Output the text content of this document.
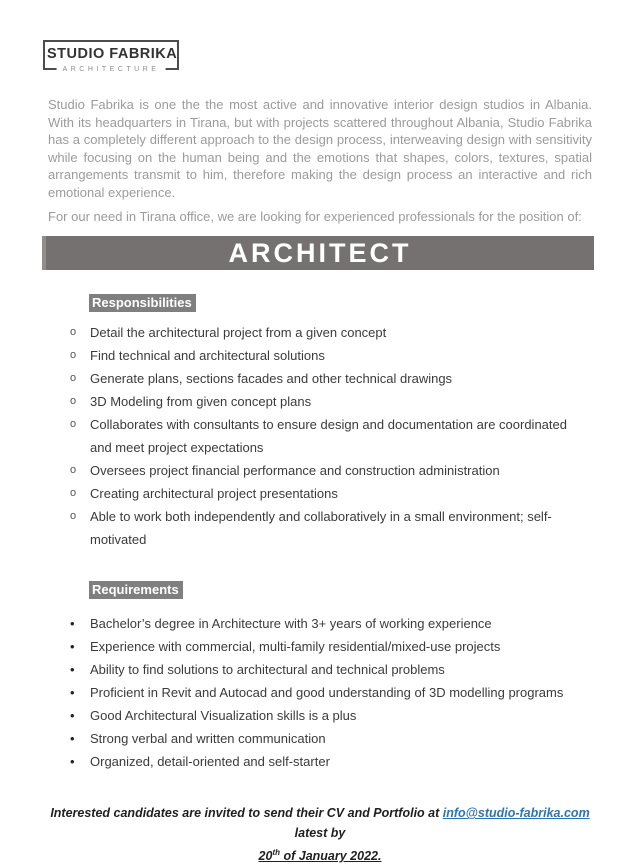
STUDIO FABRIKA
ARCHITECTURE

Studio Fabrika is one the the most active and innovative interior design studios in Albania. With its headquarters in Tirana, but with projects scattered throughout Albania, Studio Fabrika has a completely different approach to the design process, interweaving design with sensitivity while focusing on the human being and the emotions that shapes, colors, textures, spatial arrangements transmit to him, therefore making the design process an interactive and rich emotional experience.

For our need in Tirana office, we are looking for experienced professionals for the position of:

ARCHITECT
Responsibilities
o Detail the architectural project from a given concept
o Find technical and architectural solutions
o Generate plans, sections facades and other technical drawings
o 3D Modeling from given concept plans
o Collaborates with consultants to ensure design and documentation are coordinated and meet project expectations
o Oversees project financial performance and construction administration
o Creating architectural project presentations
o Able to work both independently and collaboratively in a small environment; self-motivated
Requirements
• Bachelor’s degree in Architecture with 3+ years of working experience
• Experience with commercial, multi-family residential/mixed-use projects
• Ability to find solutions to architectural and technical problems
• Proficient in Revit and Autocad and good understanding of 3D modelling programs
• Good Architectural Visualization skills is a plus
• Strong verbal and written communication
• Organized, detail-oriented and self-starter

Interested candidates are invited to send their CV and Portfolio at info@studio-fabrika.com latest by
20th of January 2022.
